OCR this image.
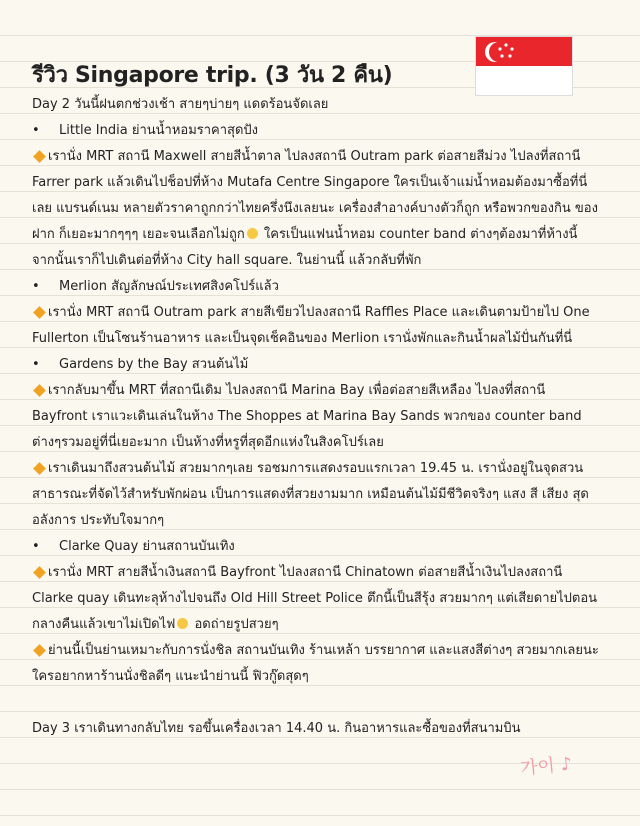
รีวิว Singapore trip. (3 วัน 2 คืน)
Day 2 วันนี้ฝนตกช่วงเช้า สายๆบ่ายๆ แดดร้อนจัดเลย
• Little India ย่านน้ำหอมราคาสุดปัง
เรานั่ง MRT สถานี Maxwell สายสีน้ำตาล ไปลงสถานี Outram park ต่อสายสีม่วง ไปลงที่สถานี
Farrer park แล้วเดินไปช็อปที่ห้าง Mutafa Centre Singapore ใครเป็นเจ้าแม่น้ำหอมต้องมาซื้อที่นี่
เลย แบรนด์เนม หลายตัวราคาถูกกว่าไทยครึ่งนึงเลยนะ เครื่องสำอางค์บางตัวก็ถูก หรือพวกของกิน ของ
ฝาก ก็เยอะมากๆๆๆ เยอะจนเลือกไม่ถูก ใครเป็นแฟนน้ำหอม counter band ต่างๆต้องมาที่ห้างนี้
จากนั้นเราก็ไปเดินต่อที่ห้าง City hall square. ในย่านนี้ แล้วกลับที่พัก
• Merlion สัญลักษณ์ประเทศสิงคโปร์แล้ว
เรานั่ง MRT สถานี Outram park สายสีเขียวไปลงสถานี Raffles Place และเดินตามป้ายไป One
Fullerton เป็นโซนร้านอาหาร และเป็นจุดเช็คอินของ Merlion เรานั่งพักและกินน้ำผลไม้ปั่นกันที่นี่
• Gardens by the Bay สวนต้นไม้
เรากลับมาขึ้น MRT ที่สถานีเดิม ไปลงสถานี Marina Bay เพื่อต่อสายสีเหลือง ไปลงที่สถานี
Bayfront เราแวะเดินเล่นในห้าง The Shoppes at Marina Bay Sands พวกของ counter band
ต่างๆรวมอยู่ที่นี่เยอะมาก เป็นห้างที่หรูที่สุดอีกแห่งในสิงคโปร์เลย
เราเดินมาถึงสวนต้นไม้ สวยมากๆเลย รอชมการแสดงรอบแรกเวลา 19.45 น. เรานั่งอยู่ในจุดสวน
สาธารณะที่จัดไว้สำหรับพักผ่อน เป็นการแสดงที่สวยงามมาก เหมือนต้นไม้มีชีวิตจริงๆ แสง สี เสียง สุด
อลังการ ประทับใจมากๆ
• Clarke Quay ย่านสถานบันเทิง
เรานั่ง MRT สายสีน้ำเงินสถานี Bayfront ไปลงสถานี Chinatown ต่อสายสีน้ำเงินไปลงสถานี
Clarke quay เดินทะลุห้างไปจนถึง Old Hill Street Police ตึกนี้เป็นสีรุ้ง สวยมากๆ แต่เสียดายไปตอน
กลางคืนแล้วเขาไม่เปิดไฟ อดถ่ายรูปสวยๆ
ย่านนี้เป็นย่านเหมาะกับการนั่งชิล สถานบันเทิง ร้านเหล้า บรรยากาศ และแสงสีต่างๆ สวยมากเลยนะ
ใครอยากหาร้านนั่งชิลดีๆ แนะนำย่านนี้ ฟิวกู๊ดสุดๆ
Day 3 เราเดินทางกลับไทย รอขึ้นเครื่องเวลา 14.40 น. กินอาหารและซื้อของที่สนามบิน
가이 ♪
